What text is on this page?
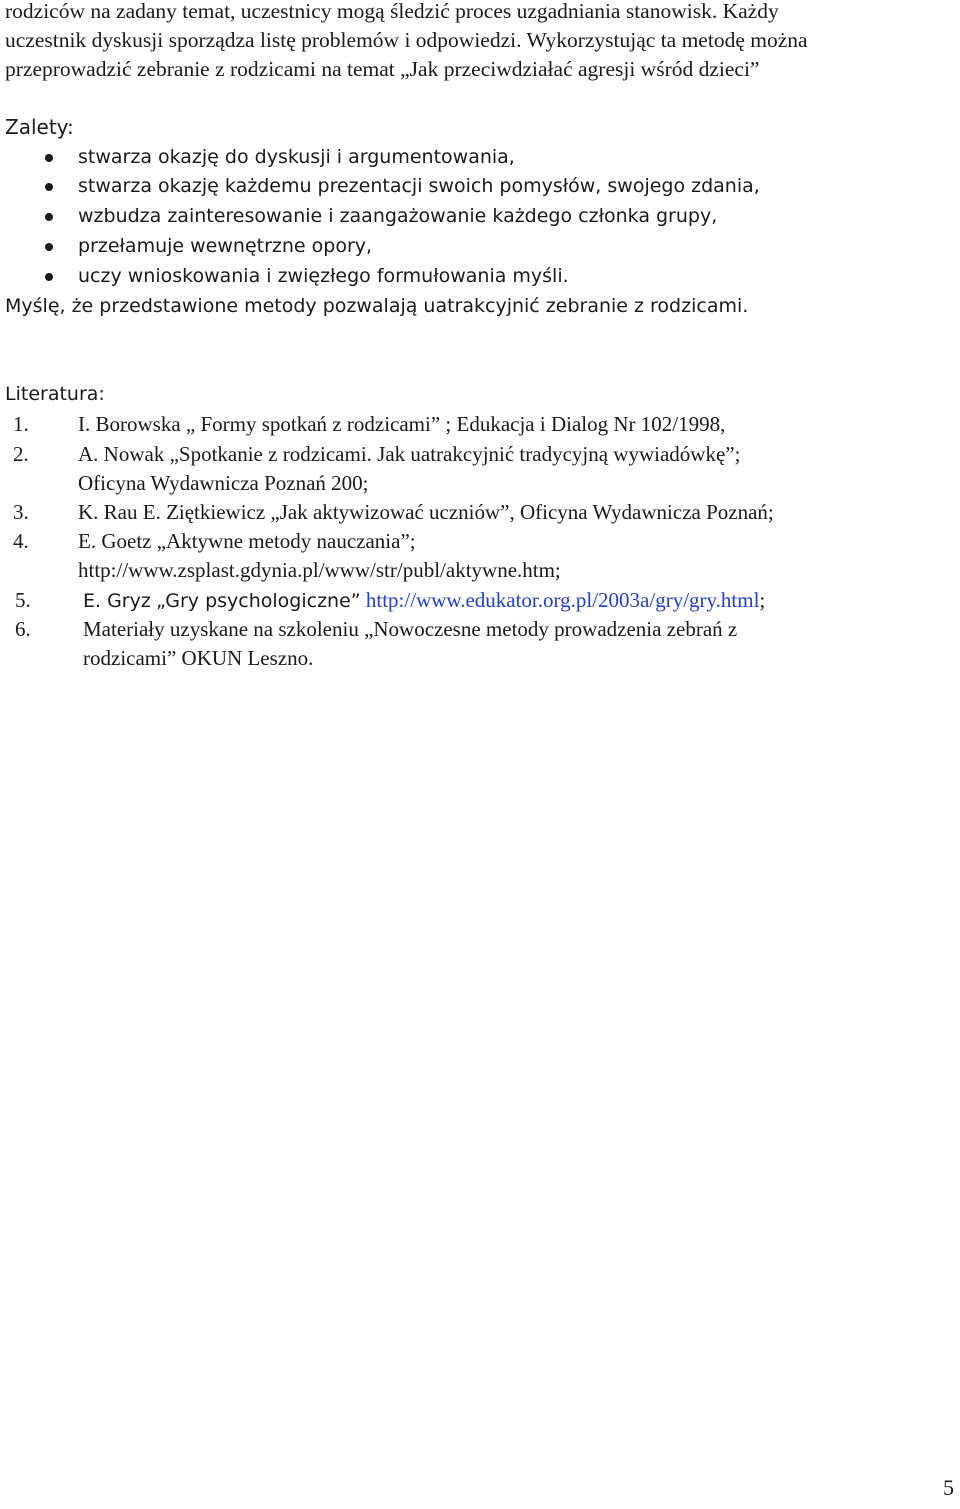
rodziców na zadany temat, uczestnicy mogą śledzić proces uzgadniania stanowisk. Każdy
uczestnik dyskusji sporządza listę problemów i odpowiedzi. Wykorzystując ta metodę można
przeprowadzić zebranie z rodzicami na temat „Jak przeciwdziałać agresji wśród dzieci”
Zalety:
stwarza okazję do dyskusji i argumentowania,
stwarza okazję każdemu prezentacji swoich pomysłów, swojego zdania,
wzbudza zainteresowanie i zaangażowanie każdego członka grupy,
przełamuje wewnętrzne opory,
uczy wnioskowania i zwięzłego formułowania myśli.
Myślę, że przedstawione metody pozwalają uatrakcyjnić zebranie z rodzicami.
Literatura:
1. I. Borowska „ Formy spotkań z rodzicami” ; Edukacja i Dialog Nr 102/1998,
2. A. Nowak „Spotkanie z rodzicami. Jak uatrakcyjnić tradycyjną wywiadówkę”;
Oficyna Wydawnicza Poznań 200;
3. K. Rau E. Ziętkiewicz „Jak aktywizować uczniów”, Oficyna Wydawnicza Poznań;
4. E. Goetz „Aktywne metody nauczania”;
http://www.zsplast.gdynia.pl/www/str/publ/aktywne.htm;
5.	E. Gryz „Gry psychologiczne” http://www.edukator.org.pl/2003a/gry/gry.html;
6. Materiały uzyskane na szkoleniu „Nowoczesne metody prowadzenia zebrań z
rodzicami” OKUN Leszno.
5
